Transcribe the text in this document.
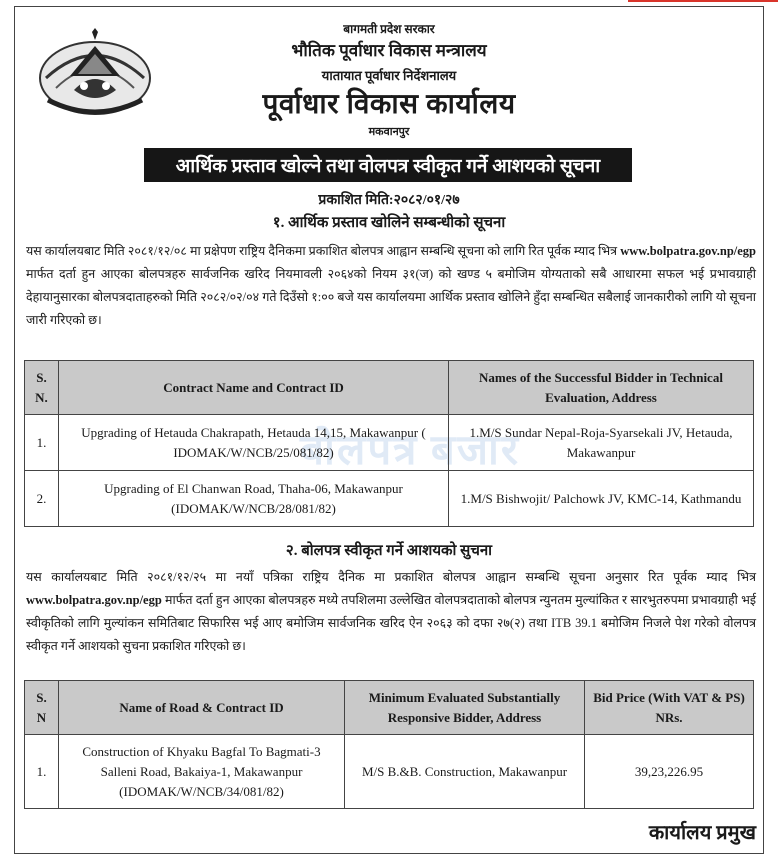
बागमती प्रदेश सरकार
भौतिक पूर्वाधार विकास मन्त्रालय
यातायात पूर्वाधार निर्देशनालय
पूर्वाधार विकास कार्यालय
मकवानपुर
आर्थिक प्रस्ताव खोल्ने तथा वोलपत्र स्वीकृत गर्ने आशयको सूचना
प्रकाशित मिति:२०८२/०१/२७
१. आर्थिक प्रस्ताव खोलिने सम्बन्धीको सूचना

यस कार्यालयबाट मिति २०८१/१२/०८ मा प्रक्षेपण राष्ट्रिय दैनिकमा प्रकाशित बोलपत्र आह्वान सम्बन्धि सूचना को लागि रित पूर्वक म्याद भित्र www.bolpatra.gov.np/egp मार्फत दर्ता हुन आएका बोलपत्रहरु सार्वजनिक खरिद नियमावली २०६४को नियम ३१(ज) को खण्ड ५ बमोजिम योग्यताको सबै आधारमा सफल भई प्रभावग्राही देहायानुसारका बोलपत्रदाताहरुको मिति २०८२/०२/०४ गते दिउँसो १:०० बजे यस कार्यालयमा आर्थिक प्रस्ताव खोलिने हुँदा सम्बन्धित सबैलाई जानकारीको लागि यो सूचना जारी गरिएको छ।

बोलपत्र बजार
S. N.	Contract Name and Contract ID	Names of the Successful Bidder in Technical Evaluation, Address
1.	Upgrading of Hetauda Chakrapath, Hetauda 14,15, Makawanpur ( IDOMAK/W/NCB/25/081/82)	1.M/S Sundar Nepal-Roja-Syarsekali JV, Hetauda, Makawanpur
2.	Upgrading of El Chanwan Road, Thaha-06, Makawanpur (IDOMAK/W/NCB/28/081/82)	1.M/S Bishwojit/ Palchowk JV, KMC-14, Kathmandu
२. बोलपत्र स्वीकृत गर्ने आशयको सुचना

यस कार्यालयबाट मिति २०८१/१२/२५ मा नयाँ पत्रिका राष्ट्रिय दैनिक मा प्रकाशित बोलपत्र आह्वान सम्बन्धि सूचना अनुसार रित पूर्वक म्याद भित्र www.bolpatra.gov.np/egp मार्फत दर्ता हुन आएका बोलपत्रहरु मध्ये तपशिलमा उल्लेखित वोलपत्रदाताको बोलपत्र न्युनतम मुल्यांकित र सारभुतरुपमा प्रभावग्राही भई स्वीकृतिको लागि मुल्यांकन समितिबाट सिफारिस भई आए बमोजिम सार्वजनिक खरिद ऐन २०६३ को दफा २७(२) तथा ITB 39.1 बमोजिम निजले पेश गरेको वोलपत्र स्वीकृत गर्ने आशयको सुचना प्रकाशित गरिएको छ।

S. N	Name of Road & Contract ID	Minimum Evaluated Substantially Responsive Bidder, Address	Bid Price (With VAT & PS) NRs.
1.	Construction of Khyaku Bagfal To Bagmati-3 Salleni Road, Bakaiya-1, Makawanpur (IDOMAK/W/NCB/34/081/82)	M/S B.&B. Construction, Makawanpur	39,23,226.95
कार्यालय प्रमुख
